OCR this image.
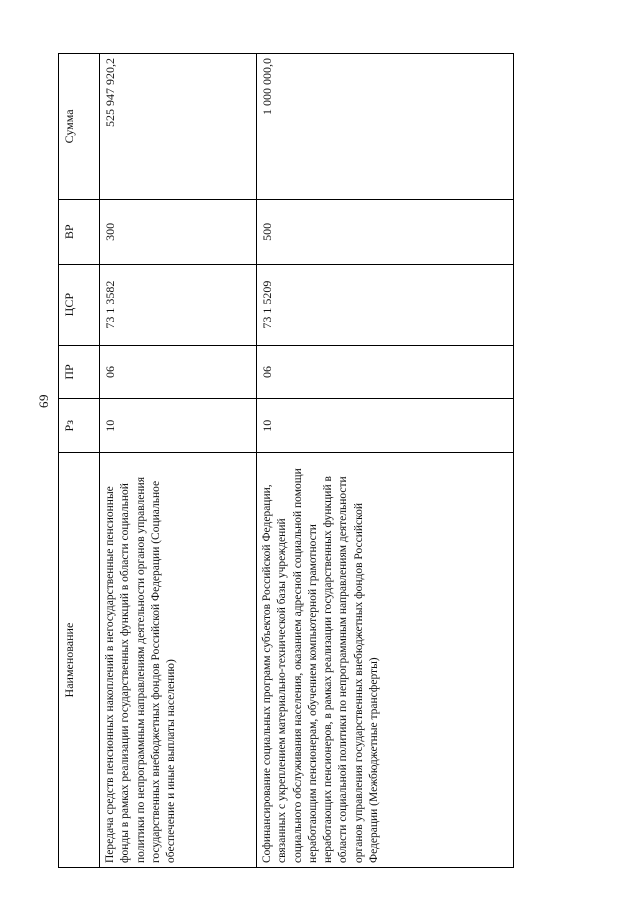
69
Наименование	Рз	ПР	ЦСР	ВР	Сумма
Передача средств пенсионных накоплений в негосударственные пенсионные фонды в рамках реализации государственных функций в области социальной политики по непрограммным направлениям деятельности органов управления государственных внебюджетных фондов Российской Федерации (Социальное обеспечение и иные выплаты населению)	10	06	73 1 3582	300	525 947 920,2
Софинансирование социальных программ субъектов Российской Федерации, связанных с укреплением материально-технической базы учреждений социального обслуживания населения, оказанием адресной социальной помощи неработающим пенсионерам, обучением компьютерной грамотности неработающих пенсионеров, в рамках реализации государственных функций в области социальной политики по непрограммным направлениям деятельности органов управления государственных внебюджетных фондов Российской Федерации (Межбюджетные трансферты)	10	06	73 1 5209	500	1 000 000,0
